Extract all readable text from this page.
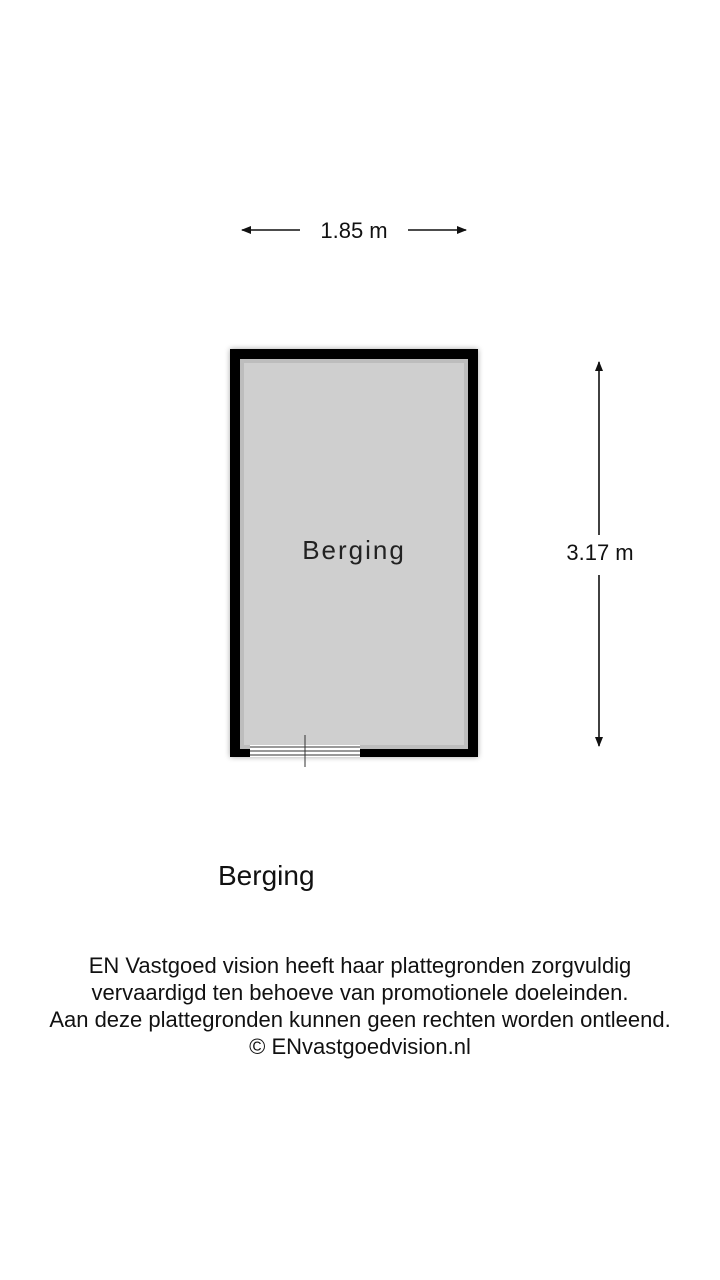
Berging
1.85 m
3.17 m
Berging
EN Vastgoed vision heeft haar plattegronden zorgvuldig
vervaardigd ten behoeve van promotionele doeleinden.
Aan deze plattegronden kunnen geen rechten worden ontleend.
© ENvastgoedvision.nl
